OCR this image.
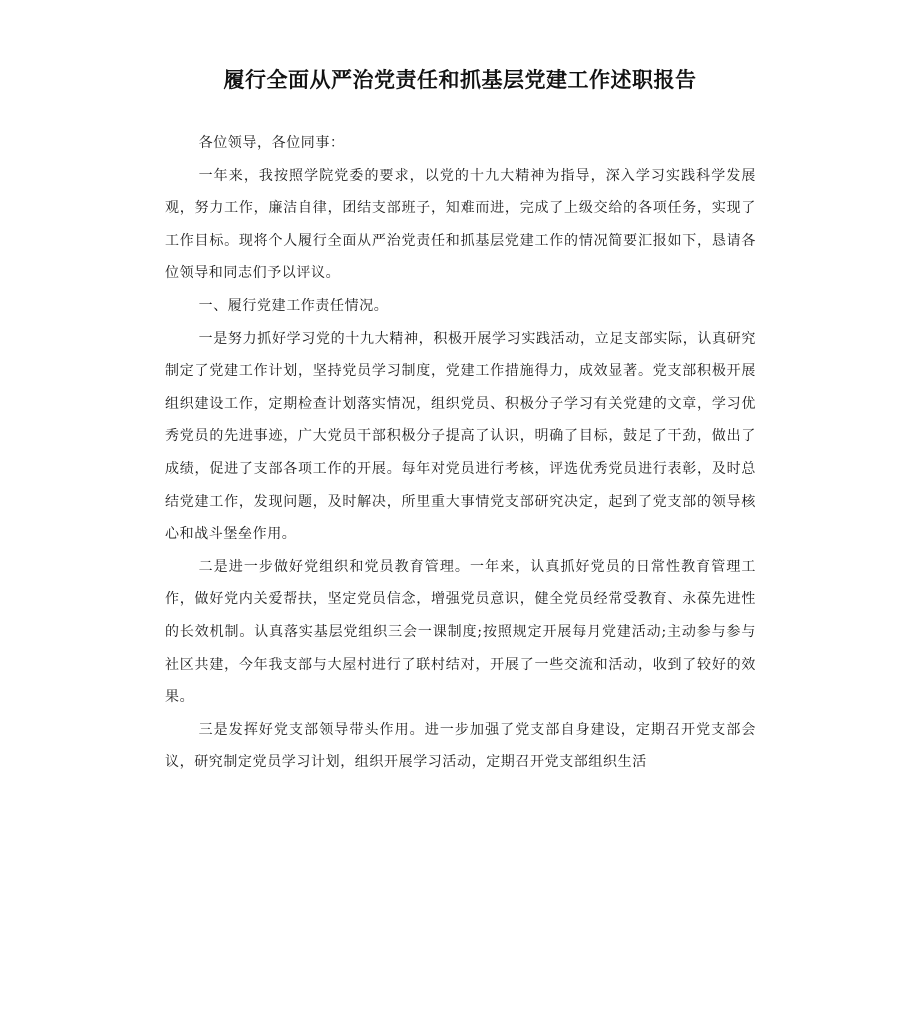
履行全面从严治党责任和抓基层党建工作述职报告

各位领导，各位同事：

一年来，我按照学院党委的要求，以党的十九大精神为指导，深入学习实践科学发展观，努力工作，廉洁自律，团结支部班子，知难而进，完成了上级交给的各项任务，实现了工作目标。现将个人履行全面从严治党责任和抓基层党建工作的情况简要汇报如下，恳请各位领导和同志们予以评议。

一、履行党建工作责任情况。

一是努力抓好学习党的十九大精神，积极开展学习实践活动，立足支部实际，认真研究制定了党建工作计划，坚持党员学习制度，党建工作措施得力，成效显著。党支部积极开展组织建设工作，定期检查计划落实情况，组织党员、积极分子学习有关党建的文章，学习优秀党员的先进事迹，广大党员干部积极分子提高了认识，明确了目标，鼓足了干劲，做出了成绩，促进了支部各项工作的开展。每年对党员进行考核，评选优秀党员进行表彰，及时总结党建工作，发现问题，及时解决，所里重大事情党支部研究决定，起到了党支部的领导核心和战斗堡垒作用。

二是进一步做好党组织和党员教育管理。一年来，认真抓好党员的日常性教育管理工作，做好党内关爱帮扶，坚定党员信念，增强党员意识，健全党员经常受教育、永葆先进性的长效机制。认真落实基层党组织三会一课制度;按照规定开展每月党建活动;主动参与参与社区共建，今年我支部与大屋村进行了联村结对，开展了一些交流和活动，收到了较好的效果。

三是发挥好党支部领导带头作用。进一步加强了党支部自身建设，定期召开党支部会议，研究制定党员学习计划，组织开展学习活动，定期召开党支部组织生活
